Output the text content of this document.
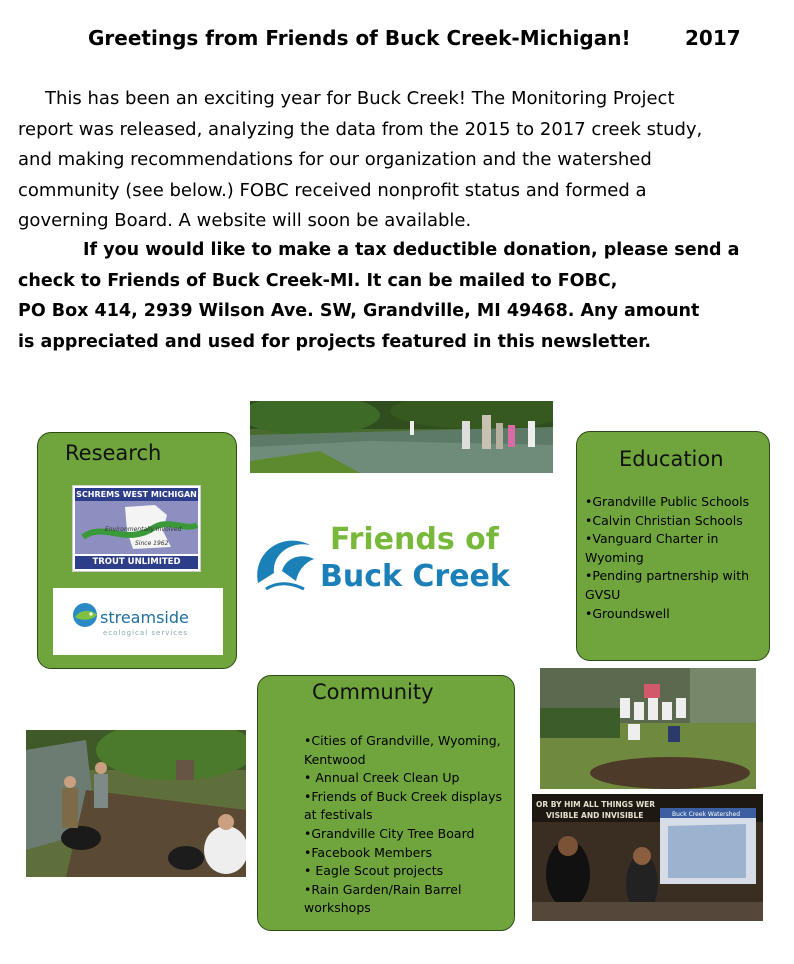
Greetings from Friends of Buck Creek-Michigan!	2017

This has been an exciting year for Buck Creek! The Monitoring Project

report was released, analyzing the data from the 2015 to 2017 creek study,

and making recommendations for our organization and the watershed

community (see below.) FOBC received nonprofit status and formed a

governing Board. A website will soon be available.

If you would like to make a tax deductible donation, please send a
check to Friends of Buck Creek-MI. It can be mailed to FOBC,
PO Box 414, 2939 Wilson Ave. SW, Grandville, MI 49468. Any amount
is appreciated and used for projects featured in this newsletter.
Research
SCHREMS WEST MICHIGAN
Environmentally Involved
Since 1962
TROUT UNLIMITED
streamside
ecological services
Friends of
Buck Creek
Education
•Grandville Public Schools
•Calvin Christian Schools
•Vanguard Charter in Wyoming
•Pending partnership with GVSU
•Groundswell
Community
•Cities of Grandville, Wyoming, Kentwood
• Annual Creek Clean Up
•Friends of Buck Creek displays at festivals
•Grandville City Tree Board
•Facebook Members
• Eagle Scout projects
•Rain Garden/Rain Barrel workshops
OR BY HIM ALL THINGS WER
VISIBLE AND INVISIBLE	Buck Creek Watershed
